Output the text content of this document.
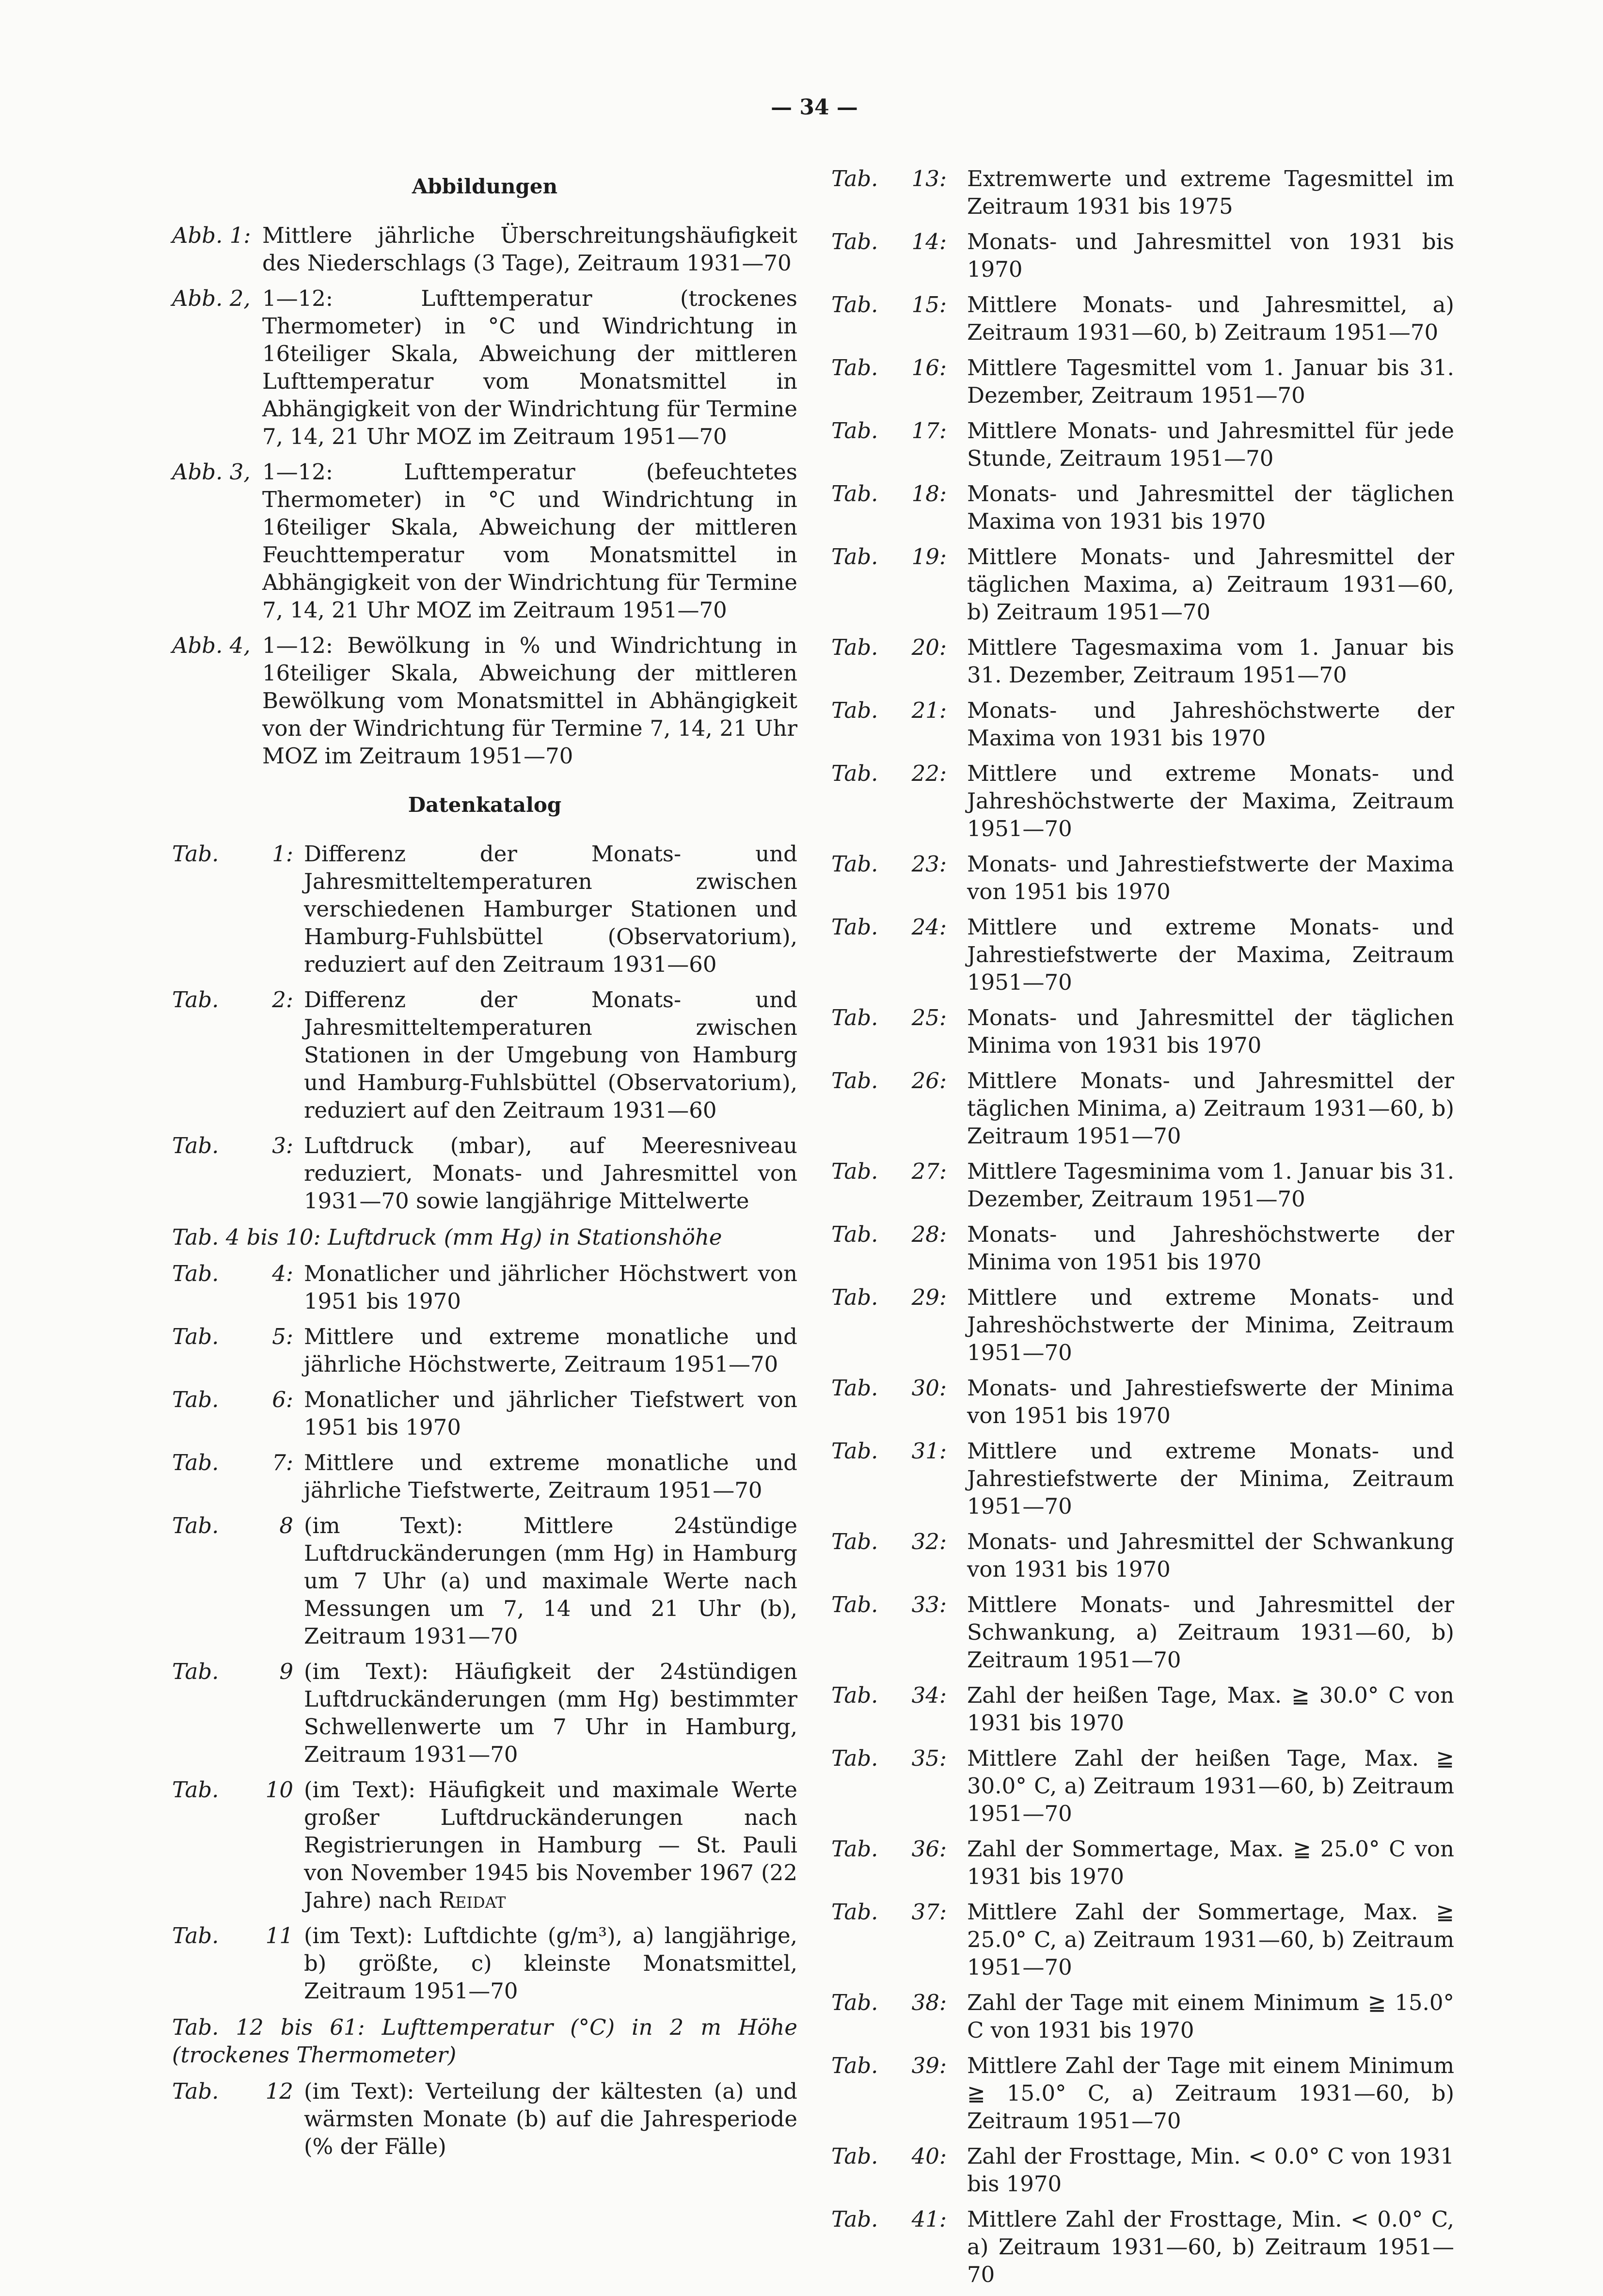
— 34 —
Abbildungen
Abb. 1: Mittlere jährliche Überschreitungshäufigkeit des Niederschlags (3 Tage), Zeitraum 1931—70
Abb. 2, 1—12: Lufttemperatur (trockenes Thermometer) in °C und Windrichtung in 16teiliger Skala, Abweichung der mittleren Lufttemperatur vom Monatsmittel in Abhängigkeit von der Windrichtung für Termine 7, 14, 21 Uhr MOZ im Zeitraum 1951—70
Abb. 3, 1—12: Lufttemperatur (befeuchtetes Thermometer) in °C und Windrichtung in 16teiliger Skala, Abweichung der mittleren Feuchttemperatur vom Monatsmittel in Abhängigkeit von der Windrichtung für Termine 7, 14, 21 Uhr MOZ im Zeitraum 1951—70
Abb. 4, 1—12: Bewölkung in % und Windrichtung in 16teiliger Skala, Abweichung der mittleren Bewölkung vom Monatsmittel in Abhängigkeit von der Windrichtung für Termine 7, 14, 21 Uhr MOZ im Zeitraum 1951—70
Datenkatalog
Tab.	1: Differenz der Monats- und Jahresmitteltemperaturen zwischen verschiedenen Hamburger Stationen und Hamburg-Fuhlsbüttel (Observatorium), reduziert auf den Zeitraum 1931—60
Tab.	2: Differenz der Monats- und Jahresmitteltemperaturen zwischen Stationen in der Umgebung von Hamburg und Hamburg-Fuhlsbüttel (Observatorium), reduziert auf den Zeitraum 1931—60
Tab.	3: Luftdruck (mbar), auf Meeresniveau reduziert, Monats- und Jahresmittel von 1931—70 sowie langjährige Mittelwerte
Tab. 4 bis 10: Luftdruck (mm Hg) in Stationshöhe
Tab.	4: Monatlicher und jährlicher Höchstwert von 1951 bis 1970
Tab.	5: Mittlere und extreme monatliche und jährliche Höchstwerte, Zeitraum 1951—70
Tab.	6: Monatlicher und jährlicher Tiefstwert von 1951 bis 1970
Tab.	7: Mittlere und extreme monatliche und jährliche Tiefstwerte, Zeitraum 1951—70
Tab.	8 (im Text): Mittlere 24stündige Luftdruckänderungen (mm Hg) in Hamburg um 7 Uhr (a) und maximale Werte nach Messungen um 7, 14 und 21 Uhr (b), Zeitraum 1931—70
Tab.	9 (im Text): Häufigkeit der 24stündigen Luftdruckänderungen (mm Hg) bestimmter Schwellenwerte um 7 Uhr in Hamburg, Zeitraum 1931—70
Tab.	10 (im Text): Häufigkeit und maximale Werte großer Luftdruckänderungen nach Registrierungen in Hamburg — St. Pauli von November 1945 bis November 1967 (22 Jahre) nach Reidat
Tab.	11 (im Text): Luftdichte (g/m³), a) langjährige, b) größte, c) kleinste Monatsmittel, Zeitraum 1951—70
Tab. 12 bis 61: Lufttemperatur (°C) in 2 m Höhe (trockenes Thermometer)
Tab.	12 (im Text): Verteilung der kältesten (a) und wärmsten Monate (b) auf die Jahresperiode (% der Fälle)
Tab.	13: Extremwerte und extreme Tagesmittel im Zeitraum 1931 bis 1975
Tab.	14: Monats- und Jahresmittel von 1931 bis 1970
Tab.	15: Mittlere Monats- und Jahresmittel, a) Zeitraum 1931—60, b) Zeitraum 1951—70
Tab.	16: Mittlere Tagesmittel vom 1. Januar bis 31. Dezember, Zeitraum 1951—70
Tab.	17: Mittlere Monats- und Jahresmittel für jede Stunde, Zeitraum 1951—70
Tab.	18: Monats- und Jahresmittel der täglichen Maxima von 1931 bis 1970
Tab.	19: Mittlere Monats- und Jahresmittel der täglichen Maxima, a) Zeitraum 1931—60, b) Zeitraum 1951—70
Tab.	20: Mittlere Tagesmaxima vom 1. Januar bis 31. Dezember, Zeitraum 1951—70
Tab.	21: Monats- und Jahreshöchstwerte der Maxima von 1931 bis 1970
Tab.	22: Mittlere und extreme Monats- und Jahreshöchstwerte der Maxima, Zeitraum 1951—70
Tab.	23: Monats- und Jahrestiefstwerte der Maxima von 1951 bis 1970
Tab.	24: Mittlere und extreme Monats- und Jahrestiefstwerte der Maxima, Zeitraum 1951—70
Tab.	25: Monats- und Jahresmittel der täglichen Minima von 1931 bis 1970
Tab.	26: Mittlere Monats- und Jahresmittel der täglichen Minima, a) Zeitraum 1931—60, b) Zeitraum 1951—70
Tab.	27: Mittlere Tagesminima vom 1. Januar bis 31. Dezember, Zeitraum 1951—70
Tab.	28: Monats- und Jahreshöchstwerte der Minima von 1951 bis 1970
Tab.	29: Mittlere und extreme Monats- und Jahreshöchstwerte der Minima, Zeitraum 1951—70
Tab.	30: Monats- und Jahrestiefswerte der Minima von 1951 bis 1970
Tab.	31: Mittlere und extreme Monats- und Jahrestiefstwerte der Minima, Zeitraum 1951—70
Tab.	32: Monats- und Jahresmittel der Schwankung von 1931 bis 1970
Tab.	33: Mittlere Monats- und Jahresmittel der Schwankung, a) Zeitraum 1931—60, b) Zeitraum 1951—70
Tab.	34: Zahl der heißen Tage, Max. ≧ 30.0° C von 1931 bis 1970
Tab.	35: Mittlere Zahl der heißen Tage, Max. ≧ 30.0° C, a) Zeitraum 1931—60, b) Zeitraum 1951—70
Tab.	36: Zahl der Sommertage, Max. ≧ 25.0° C von 1931 bis 1970
Tab.	37: Mittlere Zahl der Sommertage, Max. ≧ 25.0° C, a) Zeitraum 1931—60, b) Zeitraum 1951—70
Tab.	38: Zahl der Tage mit einem Minimum ≧ 15.0° C von 1931 bis 1970
Tab.	39: Mittlere Zahl der Tage mit einem Minimum ≧ 15.0° C, a) Zeitraum 1931—60, b) Zeitraum 1951—70
Tab.	40: Zahl der Frosttage, Min. < 0.0° C von 1931 bis 1970
Tab.	41: Mittlere Zahl der Frosttage, Min. < 0.0° C, a) Zeitraum 1931—60, b) Zeitraum 1951—70
